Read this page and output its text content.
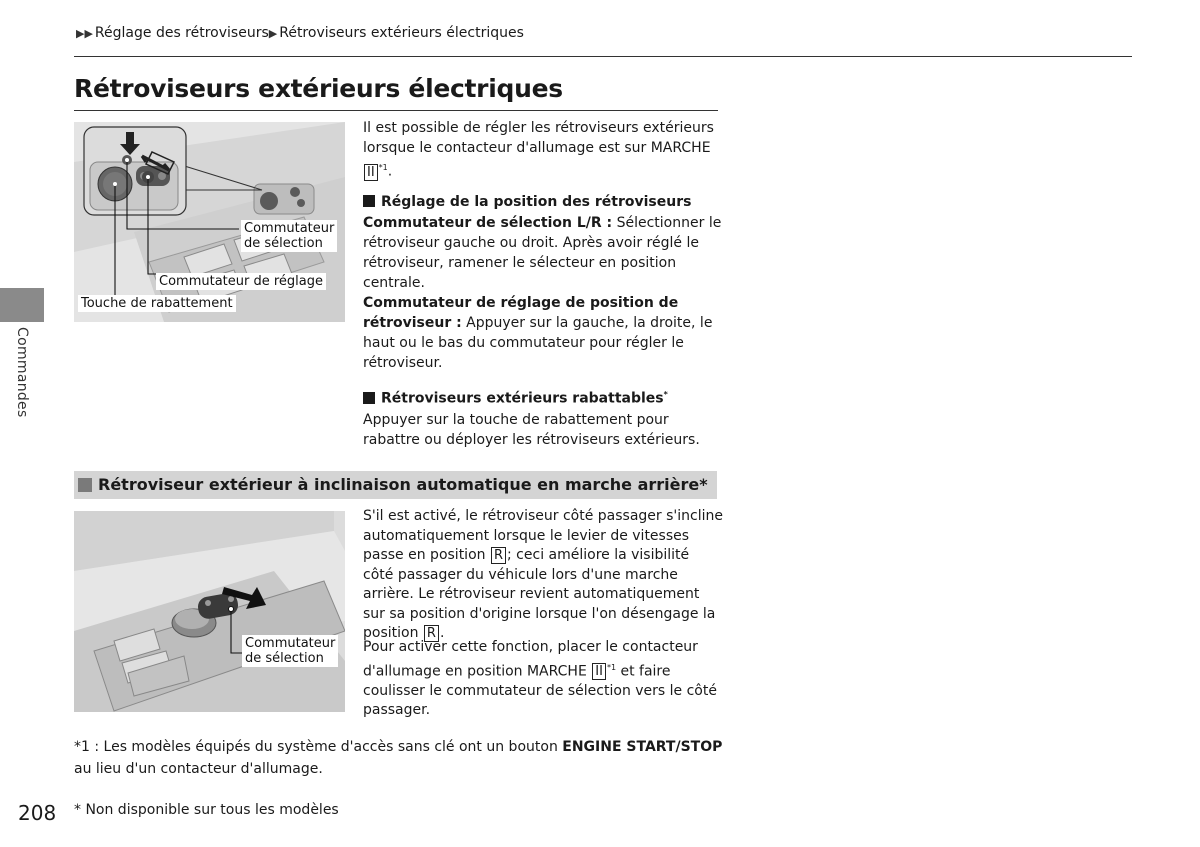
▶▶ Réglage des rétroviseurs▶ Rétroviseurs extérieurs électriques
Rétroviseurs extérieurs électriques
Commandes
Commutateur
de sélection
Commutateur de réglage
Touche de rabattement
Il est possible de régler les rétroviseurs extérieurs lorsque le contacteur d'allumage est sur MARCHE II $^{*1}$.
Réglage de la position des rétroviseurs
Commutateur de sélection L/R : Sélectionner le rétroviseur gauche ou droit. Après avoir réglé le rétroviseur, ramener le sélecteur en position centrale.
Commutateur de réglage de position de rétroviseur : Appuyer sur la gauche, la droite, le haut ou le bas du commutateur pour régler le rétroviseur.
Rétroviseurs extérieurs rabattables*
Appuyer sur la touche de rabattement pour rabattre ou déployer les rétroviseurs extérieurs.
Rétroviseur extérieur à inclinaison automatique en marche arrière*
Commutateur
de sélection
S'il est activé, le rétroviseur côté passager s'incline automatiquement lorsque le levier de vitesses passe en position R ; ceci améliore la visibilité côté passager du véhicule lors d'une marche arrière. Le rétroviseur revient automatiquement sur sa position d'origine lorsque l'on désengage la position R .
Pour activer cette fonction, placer le contacteur d'allumage en position MARCHE II $^{*1}$ et faire coulisser le commutateur de sélection vers le côté passager.
*1 : Les modèles équipés du système d'accès sans clé ont un bouton ENGINE START/STOP au lieu d'un contacteur d'allumage.
208 * Non disponible sur tous les modèles
